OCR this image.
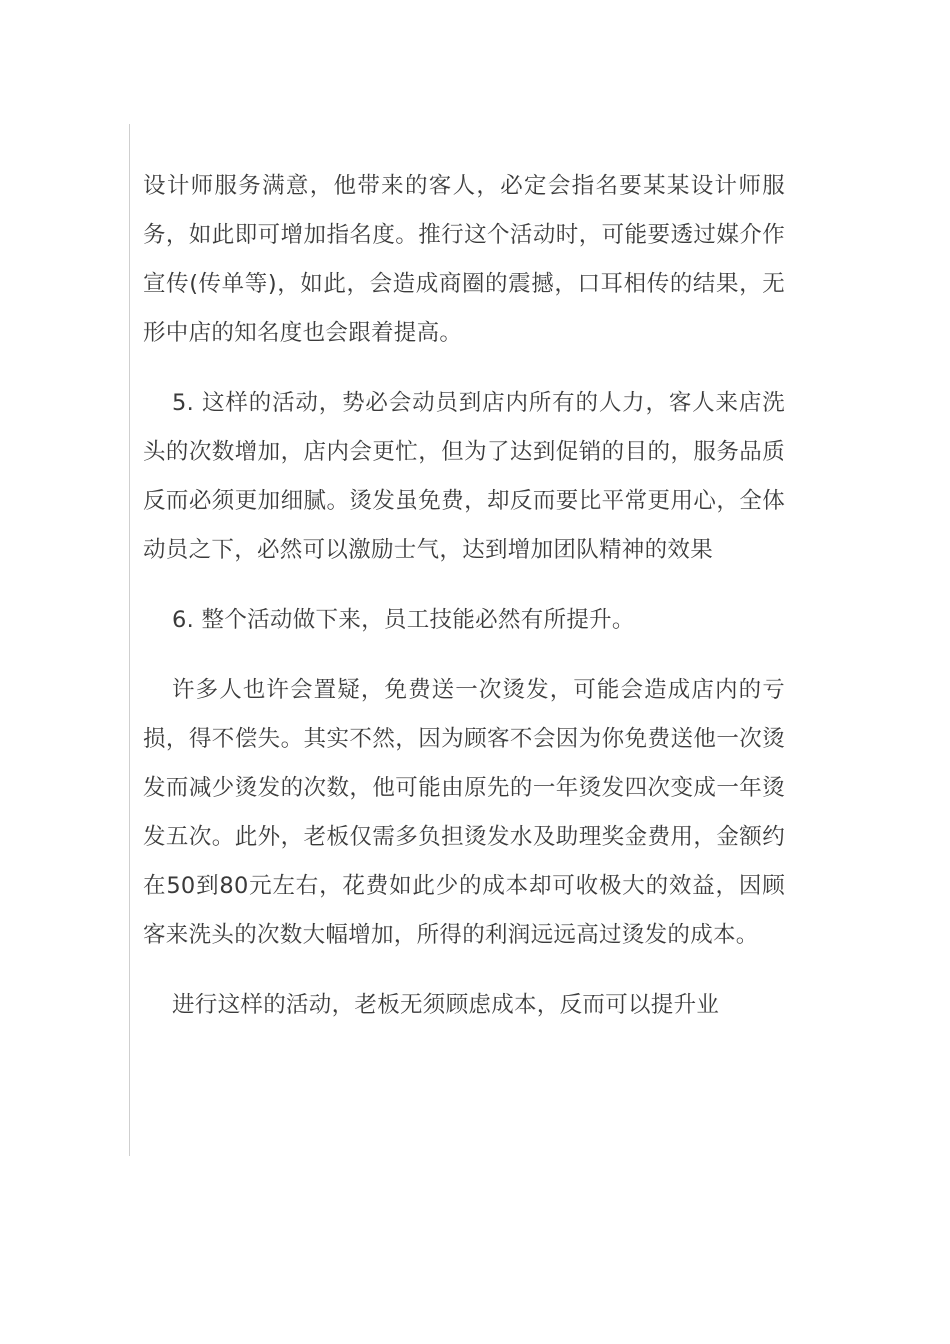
设计师服务满意，他带来的客人，必定会指名要某某设计师服务，如此即可增加指名度。推行这个活动时，可能要透过媒介作宣传(传单等)，如此，会造成商圈的震撼，口耳相传的结果，无形中店的知名度也会跟着提高。

5. 这样的活动，势必会动员到店内所有的人力，客人来店洗头的次数增加，店内会更忙，但为了达到促销的目的，服务品质反而必须更加细腻。烫发虽免费，却反而要比平常更用心，全体动员之下，必然可以激励士气，达到增加团队精神的效果

6. 整个活动做下来，员工技能必然有所提升。

许多人也许会置疑，免费送一次烫发，可能会造成店内的亏损，得不偿失。其实不然，因为顾客不会因为你免费送他一次烫发而减少烫发的次数，他可能由原先的一年烫发四次变成一年烫发五次。此外，老板仅需多负担烫发水及助理奖金费用，金额约在50到80元左右，花费如此少的成本却可收极大的效益，因顾客来洗头的次数大幅增加，所得的利润远远高过烫发的成本。

进行这样的活动，老板无须顾虑成本，反而可以提升业
